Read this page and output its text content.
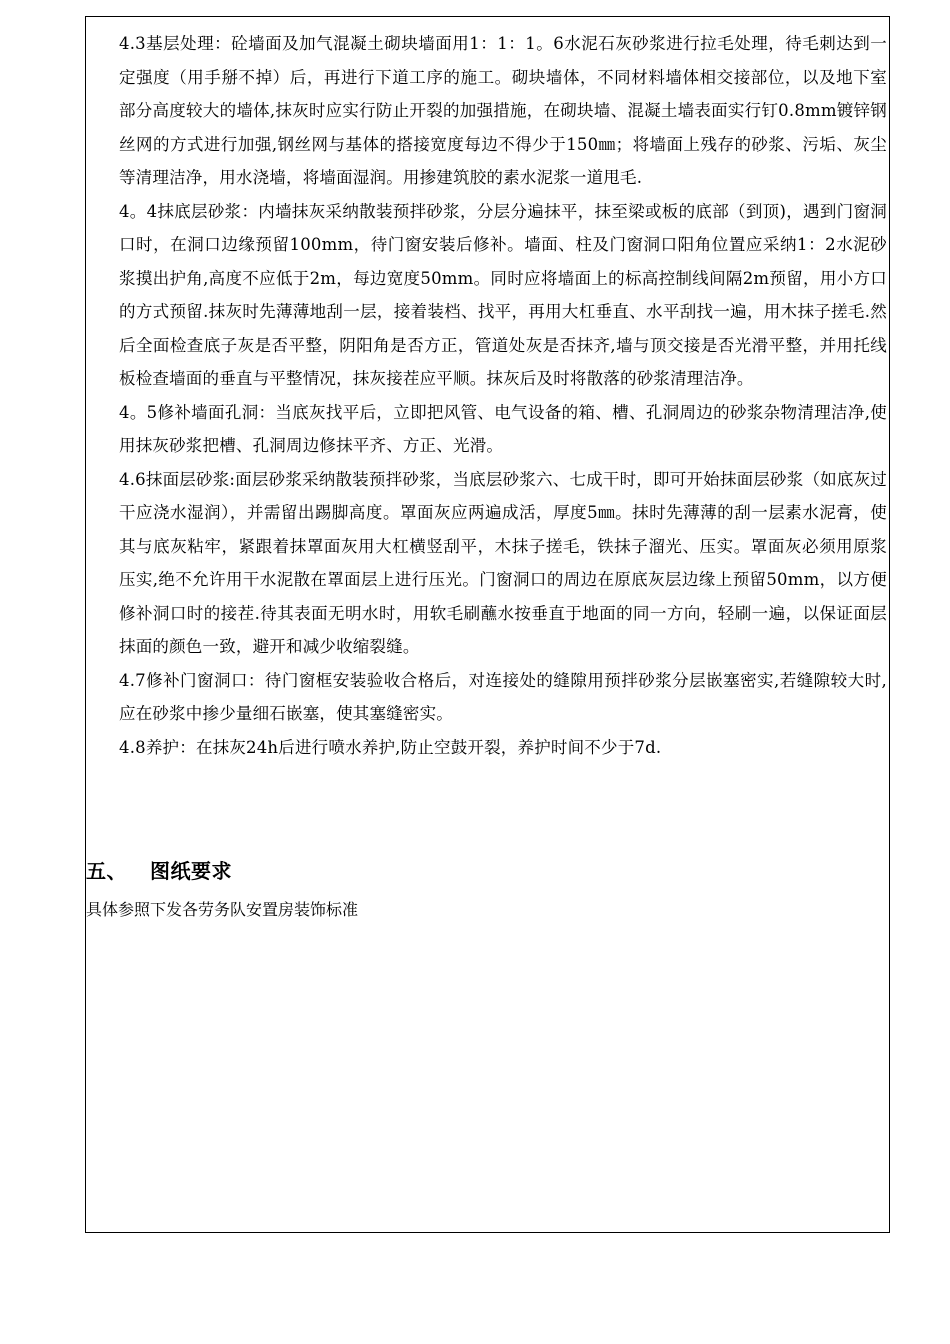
4.3基层处理：砼墙面及加气混凝土砌块墙面用1：1：1。6水泥石灰砂浆进行拉毛处理，待毛刺达到一定强度（用手掰不掉）后，再进行下道工序的施工。砌块墙体，不同材料墙体相交接部位，以及地下室部分高度较大的墙体,抹灰时应实行防止开裂的加强措施，在砌块墙、混凝土墙表面实行钉0.8mm镀锌钢丝网的方式进行加强,钢丝网与基体的搭接宽度每边不得少于150㎜；将墙面上残存的砂浆、污垢、灰尘等清理洁净，用水浇墙，将墙面湿润。用掺建筑胶的素水泥浆一道甩毛.

4。4抹底层砂浆：内墙抹灰采纳散装预拌砂浆，分层分遍抹平，抹至梁或板的底部（到顶)，遇到门窗洞口时，在洞口边缘预留100mm，待门窗安装后修补。墙面、柱及门窗洞口阳角位置应采纳1：2水泥砂浆摸出护角,高度不应低于2m，每边宽度50mm。同时应将墙面上的标高控制线间隔2m预留，用小方口的方式预留.抹灰时先薄薄地刮一层，接着装档、找平，再用大杠垂直、水平刮找一遍，用木抹子搓毛.然后全面检查底子灰是否平整，阴阳角是否方正，管道处灰是否抹齐,墙与顶交接是否光滑平整，并用托线板检查墙面的垂直与平整情况，抹灰接茬应平顺。抹灰后及时将散落的砂浆清理洁净。

4。5修补墙面孔洞：当底灰找平后，立即把风管、电气设备的箱、槽、孔洞周边的砂浆杂物清理洁净,使用抹灰砂浆把槽、孔洞周边修抹平齐、方正、光滑。

4.6抹面层砂浆:面层砂浆采纳散装预拌砂浆，当底层砂浆六、七成干时，即可开始抹面层砂浆（如底灰过干应浇水湿润），并需留出踢脚高度。罩面灰应两遍成活，厚度5㎜。抹时先薄薄的刮一层素水泥膏，使其与底灰粘牢，紧跟着抹罩面灰用大杠横竖刮平，木抹子搓毛，铁抹子溜光、压实。罩面灰必须用原浆压实,绝不允许用干水泥散在罩面层上进行压光。门窗洞口的周边在原底灰层边缘上预留50mm，以方便修补洞口时的接茬.待其表面无明水时，用软毛刷蘸水按垂直于地面的同一方向，轻刷一遍，以保证面层抹面的颜色一致，避开和减少收缩裂缝。

4.7修补门窗洞口：待门窗框安装验收合格后，对连接处的缝隙用预拌砂浆分层嵌塞密实,若缝隙较大时,应在砂浆中掺少量细石嵌塞，使其塞缝密实。

4.8养护：在抹灰24h后进行喷水养护,防止空鼓开裂，养护时间不少于7d.

五、 图纸要求
具体参照下发各劳务队安置房装饰标准
